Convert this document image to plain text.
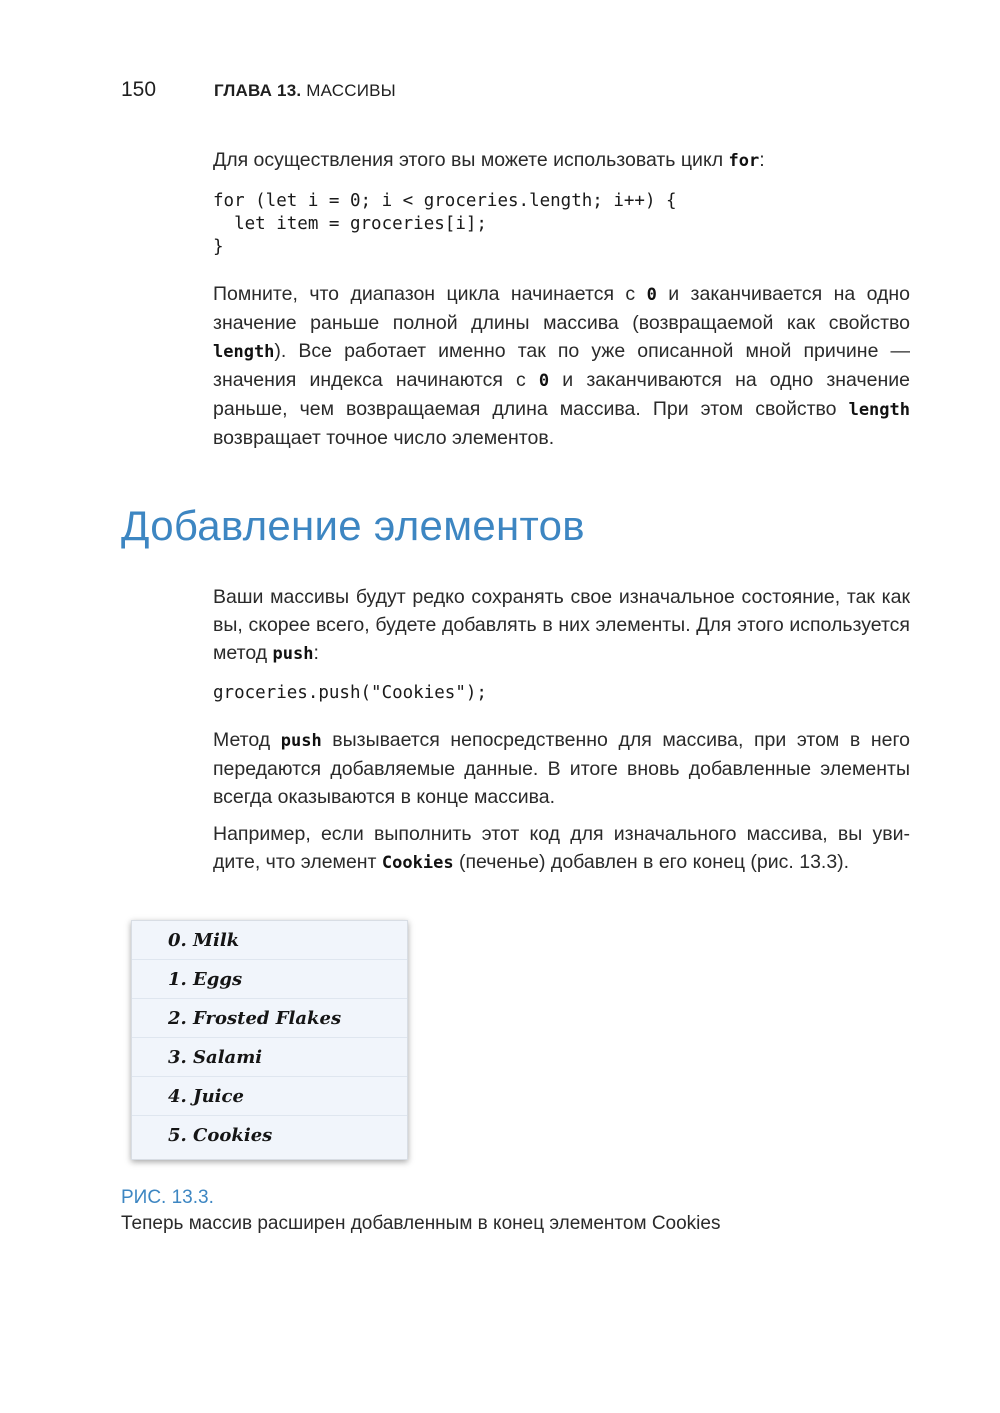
150	ГЛАВА 13. МАССИВЫ
Для осуществления этого вы можете использовать цикл for:
for (let i = 0; i < groceries.length; i++) {
let item = groceries[i];
}
Помните, что диапазон цикла начинается с 0 и заканчивается на одно значение раньше полной длины массива (возвращаемой как свойство length). Все работает именно так по уже описанной мной причине — значения индекса начинаются с 0 и заканчиваются на одно значение раньше, чем возвращаемая длина массива. При этом свойство length возвращает точное число элементов.
Добавление элементов
Ваши массивы будут редко сохранять свое изначальное состояние, так как вы, скорее всего, будете добавлять в них элементы. Для этого используется метод push:
groceries.push("Cookies");
Метод push вызывается непосредственно для массива, при этом в него передаются добавляемые данные. В итоге вновь добавленные элементы всегда оказываются в конце массива.
Например, если выполнить этот код для изначального массива, вы уви-дите, что элемент Cookies (печенье) добавлен в его конец (рис. 13.3).
0. Milk
1. Eggs
2. Frosted Flakes
3. Salami
4. Juice
5. Cookies
РИС. 13.3.
Теперь массив расширен добавленным в конец элементом Cookies
